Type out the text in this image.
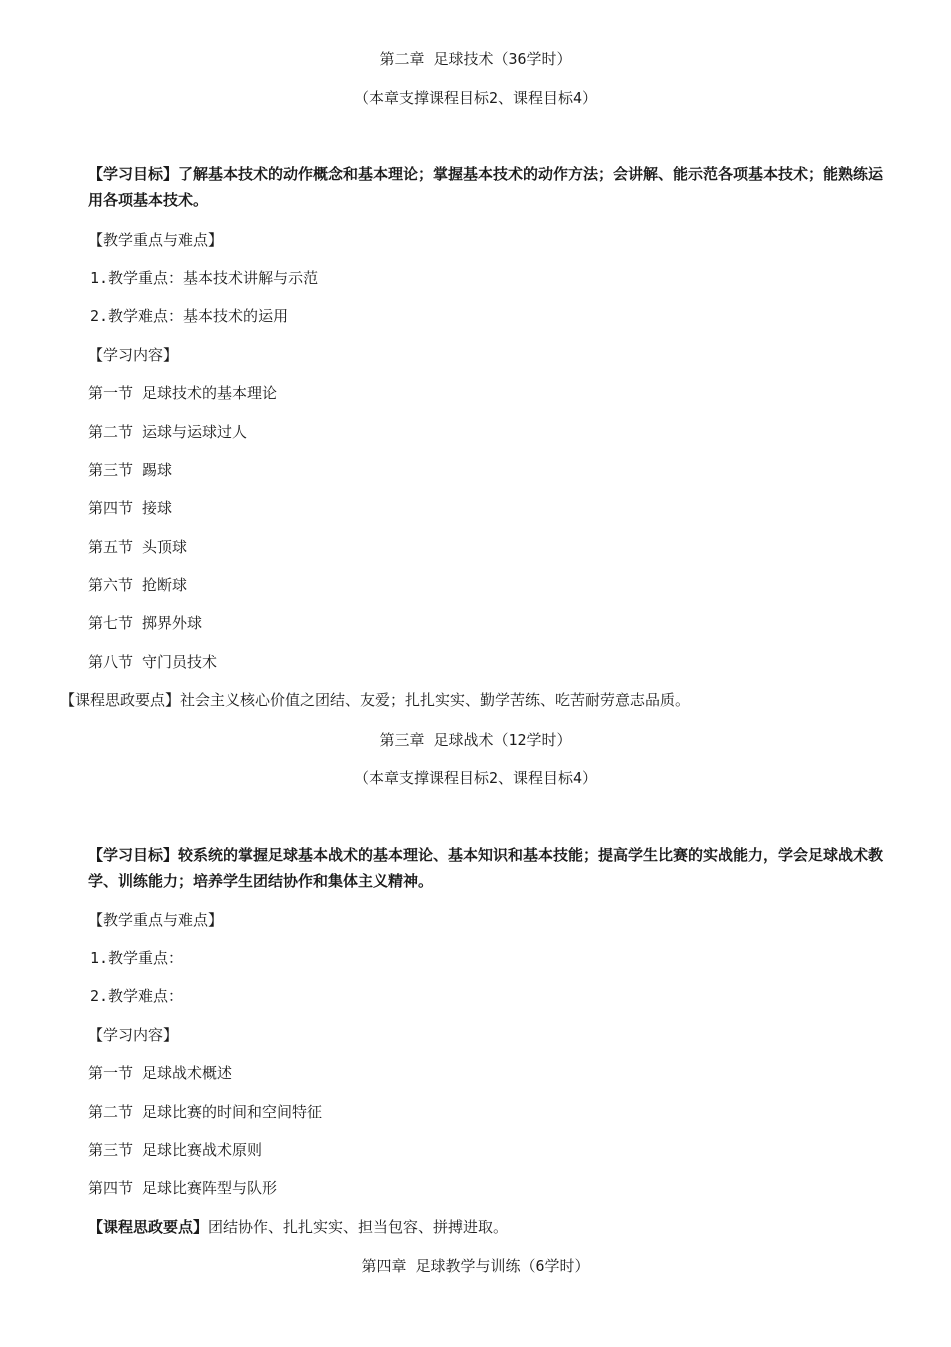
第二章 足球技术（36学时）
（本章支撑课程目标2、课程目标4）
【学习目标】了解基本技术的动作概念和基本理论；掌握基本技术的动作方法；会讲解、能示范各项基本技术；能熟练运用各项基本技术。
【教学重点与难点】
1.教学重点：基本技术讲解与示范
2.教学难点：基本技术的运用
【学习内容】
第一节 足球技术的基本理论
第二节 运球与运球过人
第三节 踢球
第四节 接球
第五节 头顶球
第六节 抢断球
第七节 掷界外球
第八节 守门员技术
【课程思政要点】社会主义核心价值之团结、友爱；扎扎实实、勤学苦练、吃苦耐劳意志品质。
第三章 足球战术（12学时）
（本章支撑课程目标2、课程目标4）
【学习目标】较系统的掌握足球基本战术的基本理论、基本知识和基本技能；提高学生比赛的实战能力，学会足球战术教学、训练能力；培养学生团结协作和集体主义精神。
【教学重点与难点】
1.教学重点：
2.教学难点：
【学习内容】
第一节 足球战术概述
第二节 足球比赛的时间和空间特征
第三节 足球比赛战术原则
第四节 足球比赛阵型与队形
【课程思政要点】团结协作、扎扎实实、担当包容、拼搏进取。
第四章 足球教学与训练（6学时）
